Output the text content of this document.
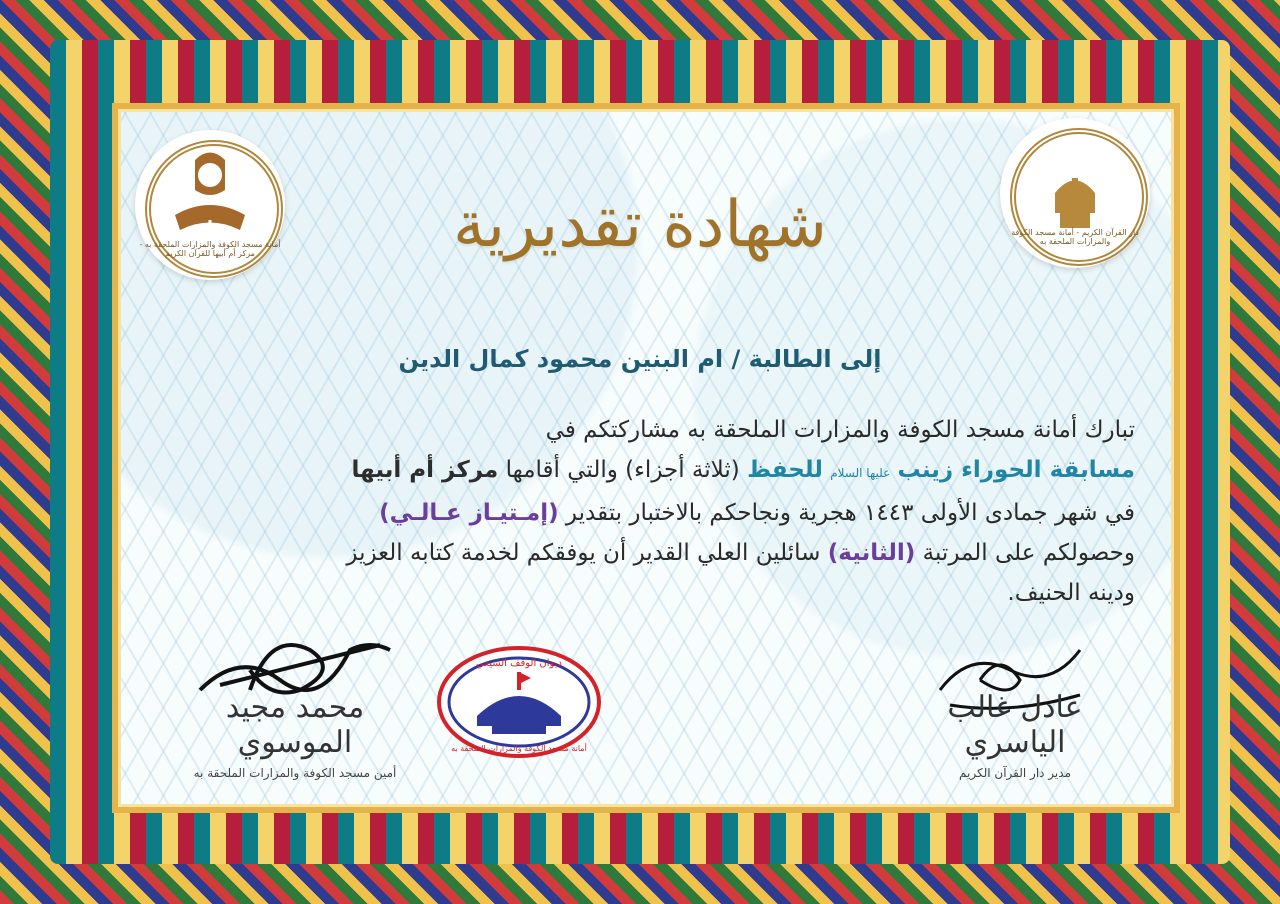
أمانة مسجد الكوفة والمزارات الملحقة به - مركز أم أبيها للقرآن الكريم
دار القرآن الكريم - أمانة مسجد الكوفة والمزارات الملحقة به
شهادة تقديرية
إلى الطالبة / ام البنين محمود كمال الدين
تبارك أمانة مسجد الكوفة والمزارات الملحقة به مشاركتكم في
مسابقة الحوراء زينب عليها السلام للحفظ (ثلاثة أجزاء) والتي أقامها مركز أم أبيها
في شهر جمادى الأولى ١٤٤٣ هجرية ونجاحكم بالاختبار بتقدير (إمـتيـاز عـالـي)
وحصولكم على المرتبة (الثانية) سائلين العلي القدير أن يوفقكم لخدمة كتابه العزيز
ودينه الحنيف.
محمد مجيد الموسوي
أمين مسجد الكوفة والمزارات الملحقة به
ديوان الوقف الشيعي
أمانة مسجد الكوفة والمزارات الملحقة به
عادل غالب الياسري
مدير دار القرآن الكريم
